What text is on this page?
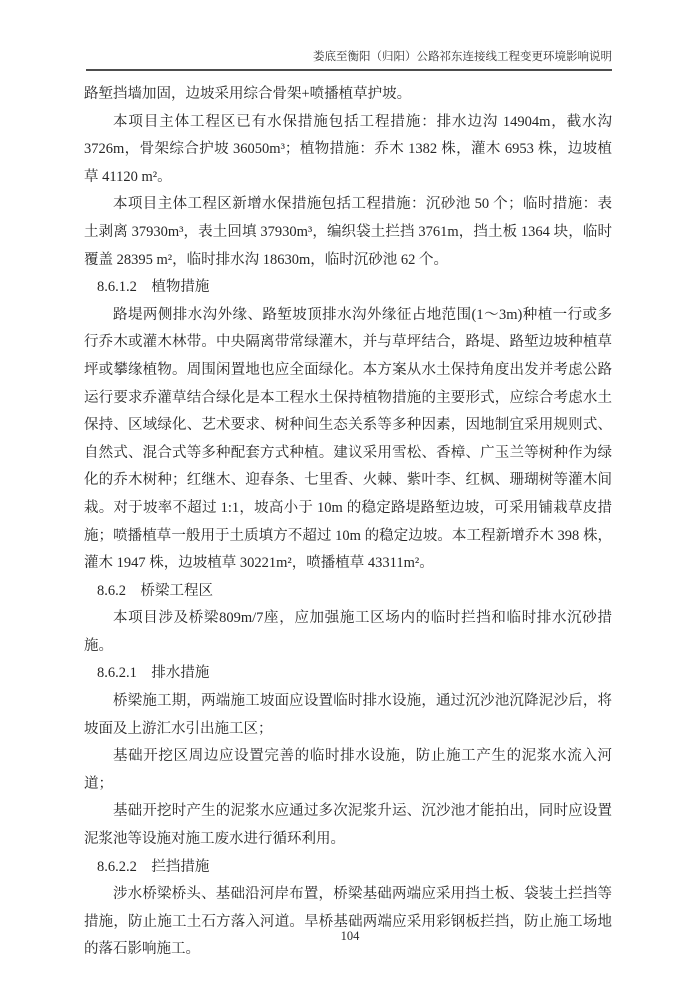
娄底至衡阳（归阳）公路祁东连接线工程变更环境影响说明

路堑挡墙加固，边坡采用综合骨架+喷播植草护坡。

本项目主体工程区已有水保措施包括工程措施：排水边沟 14904m，截水沟 3726m，骨架综合护坡 36050m³；植物措施：乔木 1382 株，灌木 6953 株，边坡植草 41120 m²。

本项目主体工程区新增水保措施包括工程措施：沉砂池 50 个；临时措施：表土剥离 37930m³，表土回填 37930m³，编织袋土拦挡 3761m，挡土板 1364 块，临时覆盖 28395 m²，临时排水沟 18630m，临时沉砂池 62 个。

8.6.1.2　植物措施

路堤两侧排水沟外缘、路堑坡顶排水沟外缘征占地范围(1～3m)种植一行或多行乔木或灌木林带。中央隔离带常绿灌木，并与草坪结合，路堤、路堑边坡种植草坪或攀缘植物。周围闲置地也应全面绿化。本方案从水土保持角度出发并考虑公路运行要求乔灌草结合绿化是本工程水土保持植物措施的主要形式，应综合考虑水土保持、区域绿化、艺术要求、树种间生态关系等多种因素，因地制宜采用规则式、自然式、混合式等多种配套方式种植。建议采用雪松、香樟、广玉兰等树种作为绿化的乔木树种；红继木、迎春条、七里香、火棘、紫叶李、红枫、珊瑚树等灌木间栽。对于坡率不超过 1:1，坡高小于 10m 的稳定路堤路堑边坡，可采用铺栽草皮措施；喷播植草一般用于土质填方不超过 10m 的稳定边坡。本工程新增乔木 398 株，灌木 1947 株，边坡植草 30221m²，喷播植草 43311m²。

8.6.2　桥梁工程区

本项目涉及桥梁809m/7座，应加强施工区场内的临时拦挡和临时排水沉砂措施。

8.6.2.1　排水措施

桥梁施工期，两端施工坡面应设置临时排水设施，通过沉沙池沉降泥沙后，将坡面及上游汇水引出施工区；

基础开挖区周边应设置完善的临时排水设施，防止施工产生的泥浆水流入河道；

基础开挖时产生的泥浆水应通过多次泥浆升运、沉沙池才能拍出，同时应设置泥浆池等设施对施工废水进行循环利用。

8.6.2.2　拦挡措施

涉水桥梁桥头、基础沿河岸布置，桥梁基础两端应采用挡土板、袋装土拦挡等措施，防止施工土石方落入河道。旱桥基础两端应采用彩钢板拦挡，防止施工场地的落石影响施工。

104
